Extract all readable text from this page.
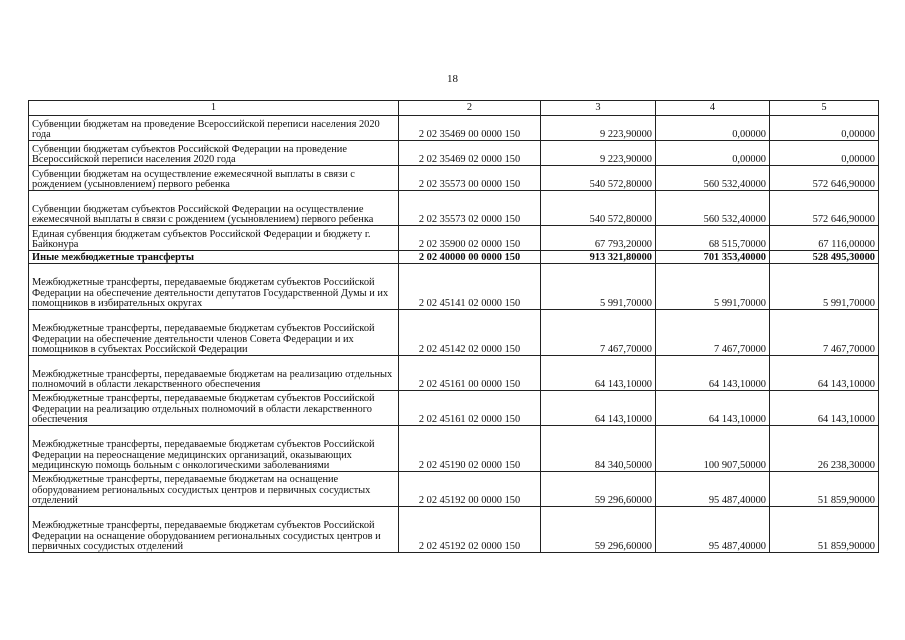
18
1	2	3	4	5
Субвенции бюджетам на проведение Всероссийской переписи населения 2020 года	2 02 35469 00 0000 150	9 223,90000	0,00000	0,00000
Субвенции бюджетам субъектов Российской Федерации на проведение Всероссийской переписи населения 2020 года	2 02 35469 02 0000 150	9 223,90000	0,00000	0,00000
Субвенции бюджетам на осуществление ежемесячной выплаты в связи с рождением (усыновлением) первого ребенка	2 02 35573 00 0000 150	540 572,80000	560 532,40000	572 646,90000
Субвенции бюджетам субъектов Российской Федерации на осуществление ежемесячной выплаты в связи с рождением (усыновлением) первого ребенка	2 02 35573 02 0000 150	540 572,80000	560 532,40000	572 646,90000
Единая субвенция бюджетам субъектов Российской Федерации и бюджету г. Байконура	2 02 35900 02 0000 150	67 793,20000	68 515,70000	67 116,00000
Иные межбюджетные трансферты	2 02 40000 00 0000 150	913 321,80000	701 353,40000	528 495,30000
Межбюджетные трансферты, передаваемые бюджетам субъектов Российской Федерации на обеспечение деятельности депутатов Государственной Думы и их помощников в избирательных округах	2 02 45141 02 0000 150	5 991,70000	5 991,70000	5 991,70000
Межбюджетные трансферты, передаваемые бюджетам субъектов Российской Федерации на обеспечение деятельности членов Совета Федерации и их помощников в субъектах Российской Федерации	2 02 45142 02 0000 150	7 467,70000	7 467,70000	7 467,70000
Межбюджетные трансферты, передаваемые бюджетам на реализацию отдельных полномочий в области лекарственного обеспечения	2 02 45161 00 0000 150	64 143,10000	64 143,10000	64 143,10000
Межбюджетные трансферты, передаваемые бюджетам субъектов Российской Федерации на реализацию отдельных полномочий в области лекарственного обеспечения	2 02 45161 02 0000 150	64 143,10000	64 143,10000	64 143,10000
Межбюджетные трансферты, передаваемые бюджетам субъектов Российской Федерации на переоснащение медицинских организаций, оказывающих медицинскую помощь больным с онкологическими заболеваниями	2 02 45190 02 0000 150	84 340,50000	100 907,50000	26 238,30000
Межбюджетные трансферты, передаваемые бюджетам на оснащение оборудованием региональных сосудистых центров и первичных сосудистых отделений	2 02 45192 00 0000 150	59 296,60000	95 487,40000	51 859,90000
Межбюджетные трансферты, передаваемые бюджетам субъектов Российской Федерации на оснащение оборудованием региональных сосудистых центров и первичных сосудистых отделений	2 02 45192 02 0000 150	59 296,60000	95 487,40000	51 859,90000
